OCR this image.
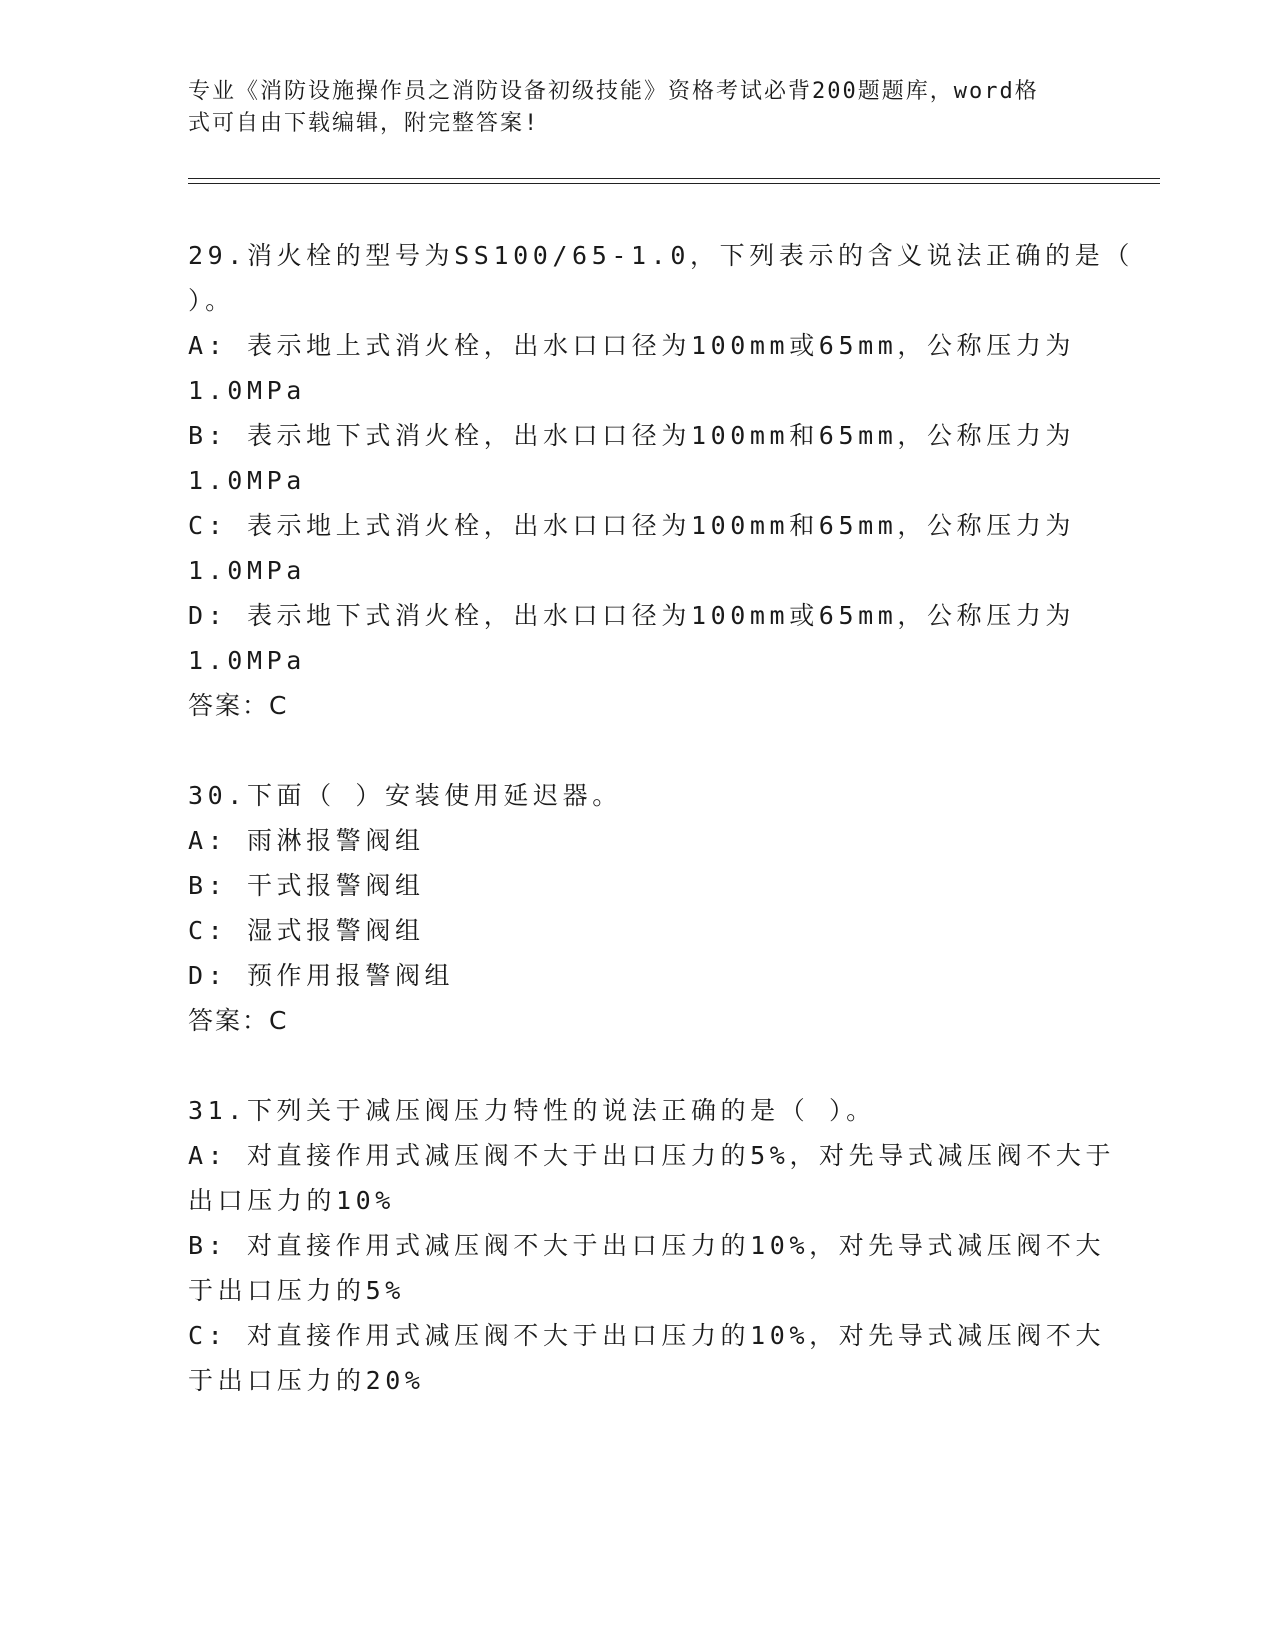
专业《消防设施操作员之消防设备初级技能》资格考试必背200题题库，word格
式可自由下载编辑，附完整答案!
29.消火栓的型号为SS100/65-1.0，下列表示的含义说法正确的是（
）。
A: 表示地上式消火栓，出水口口径为100mm或65mm，公称压力为
1.0MPa
B: 表示地下式消火栓，出水口口径为100mm和65mm，公称压力为
1.0MPa
C: 表示地上式消火栓，出水口口径为100mm和65mm，公称压力为
1.0MPa
D: 表示地下式消火栓，出水口口径为100mm或65mm，公称压力为
1.0MPa
答案：C
30.下面（ ）安装使用延迟器。
A: 雨淋报警阀组
B: 干式报警阀组
C: 湿式报警阀组
D: 预作用报警阀组
答案：C
31.下列关于减压阀压力特性的说法正确的是（ ）。
A: 对直接作用式减压阀不大于出口压力的5%，对先导式减压阀不大于
出口压力的10%
B: 对直接作用式减压阀不大于出口压力的10%，对先导式减压阀不大
于出口压力的5%
C: 对直接作用式减压阀不大于出口压力的10%，对先导式减压阀不大
于出口压力的20%
